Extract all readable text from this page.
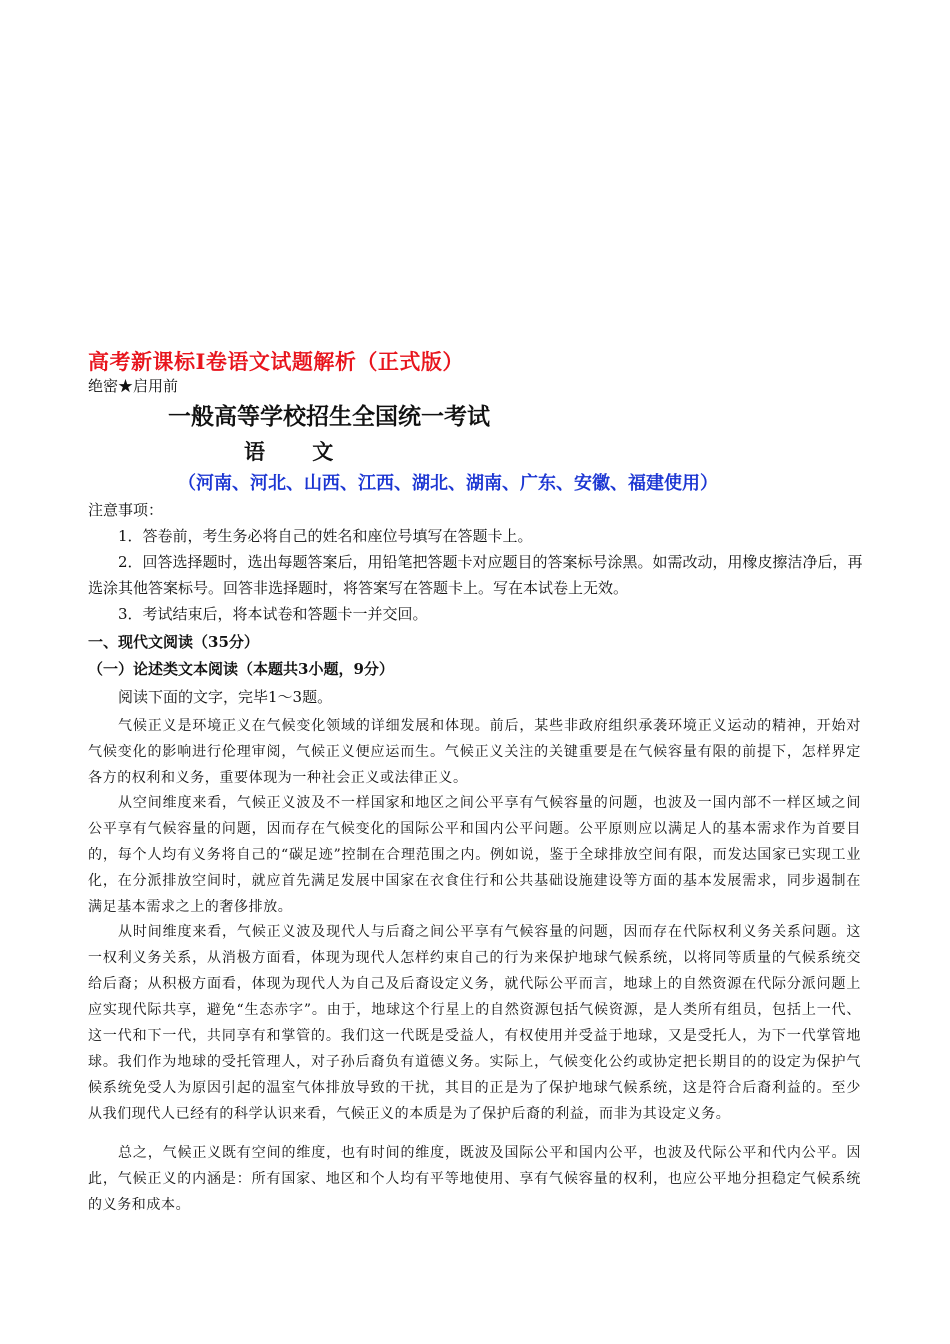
高考新课标I卷语文试题解析（正式版）
绝密★启用前
一般高等学校招生全国统一考试
语 文
（河南、河北、山西、江西、湖北、湖南、广东、安徽、福建使用）

注意事项：

1．答卷前，考生务必将自己的姓名和座位号填写在答题卡上。

2．回答选择题时，选出每题答案后，用铅笔把答题卡对应题目的答案标号涂黑。如需改动，用橡皮擦洁净后，再选涂其他答案标号。回答非选择题时，将答案写在答题卡上。写在本试卷上无效。

3．考试结束后，将本试卷和答题卡一并交回。

一、现代文阅读（35分）

（一）论述类文本阅读（本题共3小题，9分）

阅读下面的文字，完毕1～3题。

气候正义是环境正义在气候变化领域的详细发展和体现。前后，某些非政府组织承袭环境正义运动的精神，开始对气候变化的影响进行伦理审阅，气候正义便应运而生。气候正义关注的关键重要是在气候容量有限的前提下，怎样界定各方的权利和义务，重要体现为一种社会正义或法律正义。

从空间维度来看，气候正义波及不一样国家和地区之间公平享有气候容量的问题，也波及一国内部不一样区域之间公平享有气候容量的问题，因而存在气候变化的国际公平和国内公平问题。公平原则应以满足人的基本需求作为首要目的，每个人均有义务将自己的“碳足迹”控制在合理范围之内。例如说，鉴于全球排放空间有限，而发达国家已实现工业化，在分派排放空间时，就应首先满足发展中国家在衣食住行和公共基础设施建设等方面的基本发展需求，同步遏制在满足基本需求之上的奢侈排放。

从时间维度来看，气候正义波及现代人与后裔之间公平享有气候容量的问题，因而存在代际权利义务关系问题。这一权利义务关系，从消极方面看，体现为现代人怎样约束自己的行为来保护地球气候系统，以将同等质量的气候系统交给后裔；从积极方面看，体现为现代人为自己及后裔设定义务，就代际公平而言，地球上的自然资源在代际分派问题上应实现代际共享，避免“生态赤字”。由于，地球这个行星上的自然资源包括气候资源，是人类所有组员，包括上一代、这一代和下一代，共同享有和掌管的。我们这一代既是受益人，有权使用并受益于地球，又是受托人，为下一代掌管地球。我们作为地球的受托管理人，对子孙后裔负有道德义务。实际上，气候变化公约或协定把长期目的的设定为保护气候系统免受人为原因引起的温室气体排放导致的干扰，其目的正是为了保护地球气候系统，这是符合后裔利益的。至少从我们现代人已经有的科学认识来看，气候正义的本质是为了保护后裔的利益，而非为其设定义务。

总之，气候正义既有空间的维度，也有时间的维度，既波及国际公平和国内公平，也波及代际公平和代内公平。因此，气候正义的内涵是：所有国家、地区和个人均有平等地使用、享有气候容量的权利，也应公平地分担稳定气候系统的义务和成本。
